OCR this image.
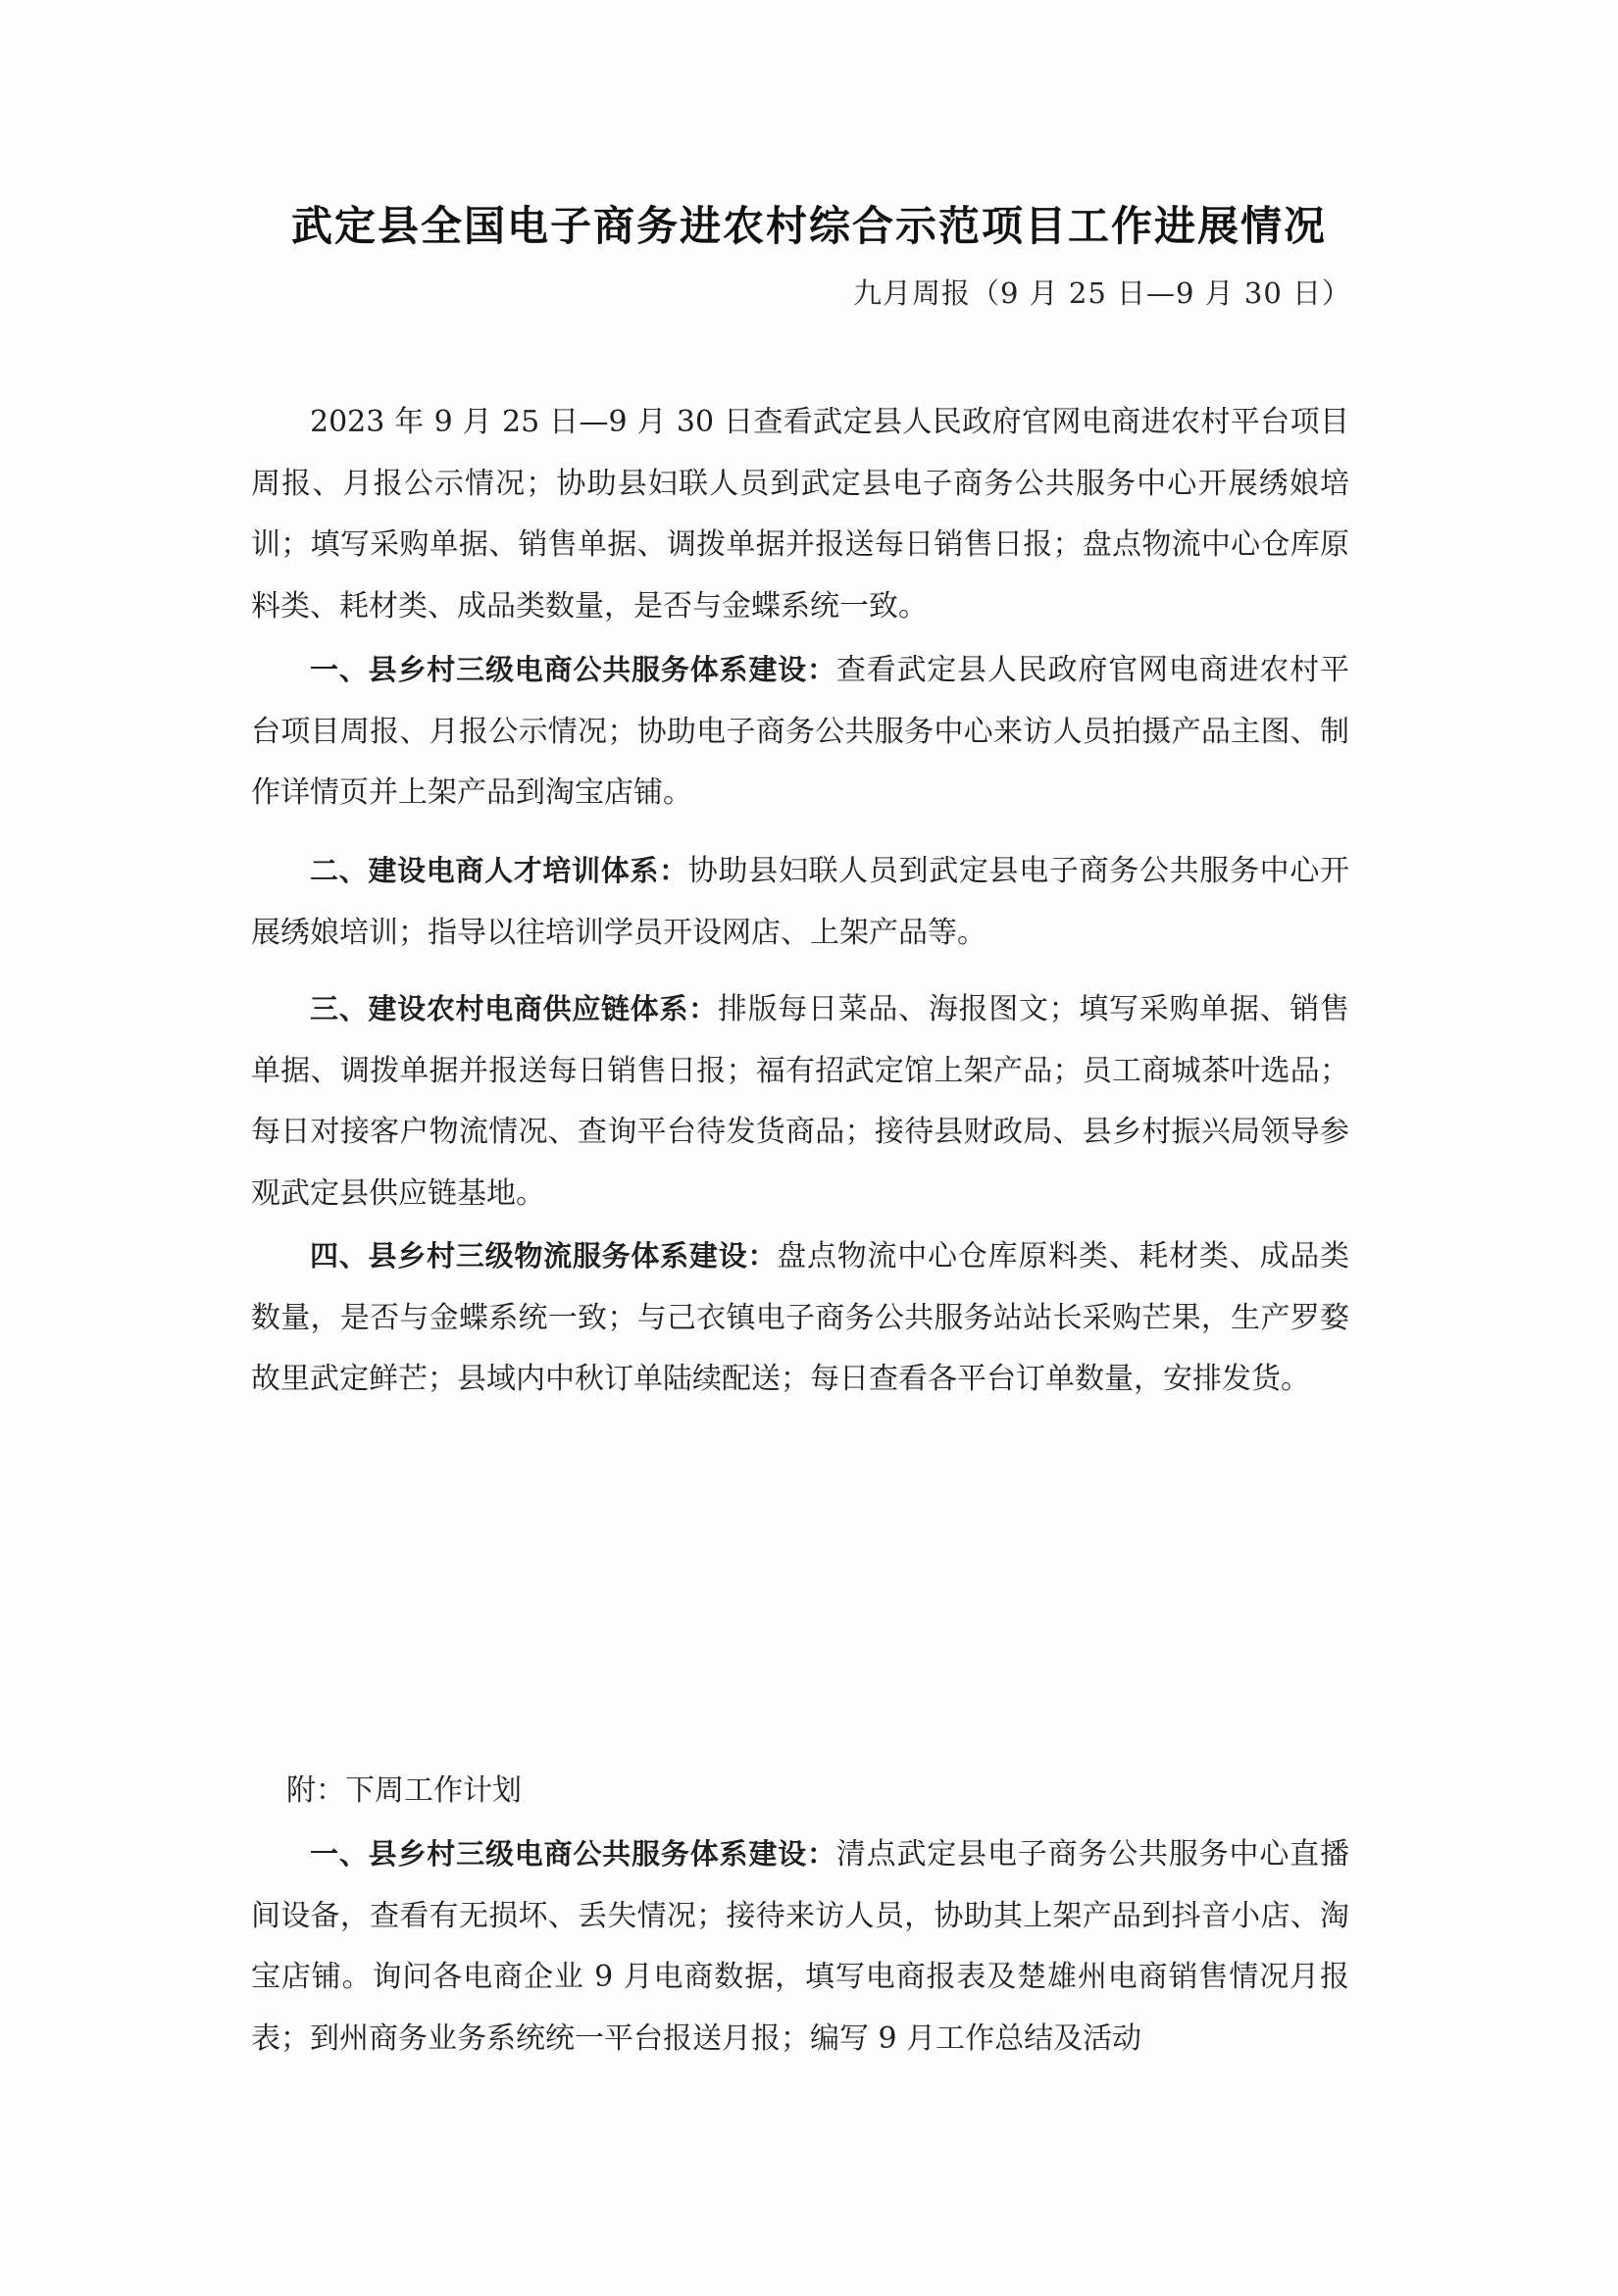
武定县全国电子商务进农村综合示范项目工作进展情况
九月周报（9 月 25 日—9 月 30 日）
2023 年 9 月 25 日—9 月 30 日查看武定县人民政府官网电商进农村平台项目周报、月报公示情况；协助县妇联人员到武定县电子商务公共服务中心开展绣娘培训；填写采购单据、销售单据、调拨单据并报送每日销售日报；盘点物流中心仓库原料类、耗材类、成品类数量，是否与金蝶系统一致。
一、县乡村三级电商公共服务体系建设：查看武定县人民政府官网电商进农村平台项目周报、月报公示情况；协助电子商务公共服务中心来访人员拍摄产品主图、制作详情页并上架产品到淘宝店铺。
二、建设电商人才培训体系：协助县妇联人员到武定县电子商务公共服务中心开展绣娘培训；指导以往培训学员开设网店、上架产品等。
三、建设农村电商供应链体系：排版每日菜品、海报图文；填写采购单据、销售单据、调拨单据并报送每日销售日报；福有招武定馆上架产品；员工商城茶叶选品；每日对接客户物流情况、查询平台待发货商品；接待县财政局、县乡村振兴局领导参观武定县供应链基地。
四、县乡村三级物流服务体系建设：盘点物流中心仓库原料类、耗材类、成品类数量，是否与金蝶系统一致；与己衣镇电子商务公共服务站站长采购芒果，生产罗婺故里武定鲜芒；县域内中秋订单陆续配送；每日查看各平台订单数量，安排发货。
附：下周工作计划
一、县乡村三级电商公共服务体系建设：清点武定县电子商务公共服务中心直播间设备，查看有无损坏、丢失情况；接待来访人员，协助其上架产品到抖音小店、淘宝店铺。询问各电商企业 9 月电商数据，填写电商报表及楚雄州电商销售情况月报表；到州商务业务系统统一平台报送月报；编写 9 月工作总结及活动
